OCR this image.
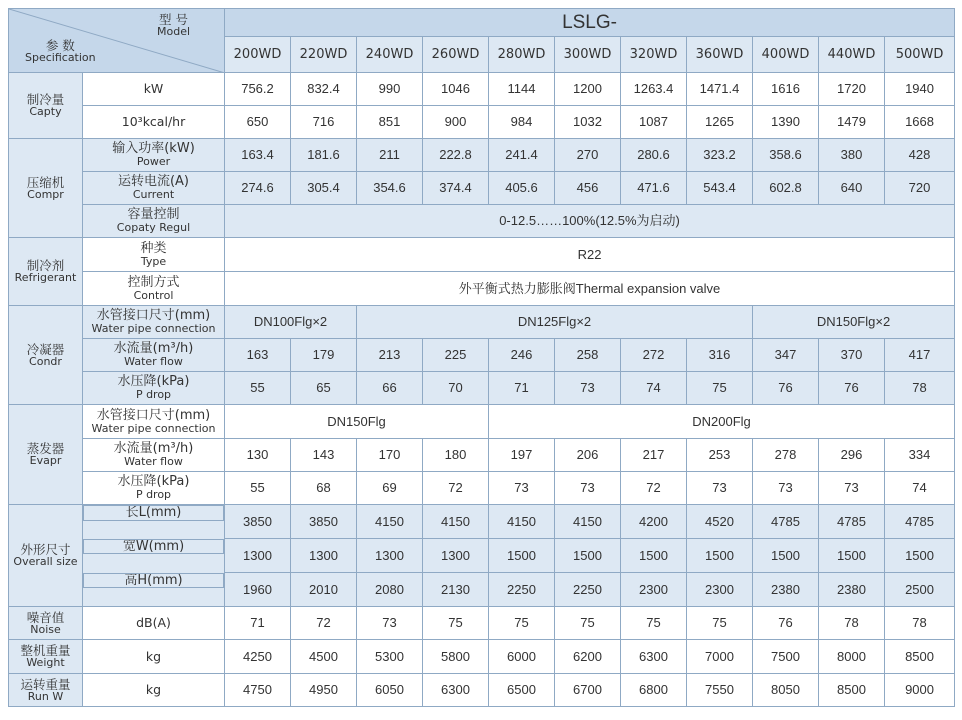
型 号
Model
参 数
Specification		LSLG-										
		200WD	220WD	240WD	260WD	280WD	300WD	320WD	360WD	400WD	440WD	500WD

制冷量
Capty	kW	756.2	832.4	990	1046	1144	1200	1263.4	1471.4	1616	1720	1940
	10³kcal/hr	650	716	851	900	984	1032	1087	1265	1390	1479	1668

压缩机
Compr	输入功率(kW)
Power	163.4	181.6	211	222.8	241.4	270	280.6	323.2	358.6	380	428

	运转电流(A)
Current	274.6	305.4	354.6	374.4	405.6	456	471.6	543.4	602.8	640	720

	容量控制
Copaty Regul	0-12.5……100%(12.5%为启动)										

制冷剂
Refrigerant	种类
Type	R22										

	控制方式
Control	外平衡式热力膨胀阀Thermal expansion valve										

冷凝器
Condr	水管接口尺寸(mm)
Water pipe connection	DN100Flg×2		DN125Flg×2						DN150Flg×2		

	水流量(m³/h)
Water flow	163	179	213	225	246	258	272	316	347	370	417

	水压降(kPa)
P drop	55	65	66	70	71	73	74	75	76	76	78

蒸发器
Evapr	水管接口尺寸(mm)
Water pipe connection	DN150Flg				DN200Flg						

	水流量(m³/h)
Water flow	130	143	170	180	197	206	217	253	278	296	334

	水压降(kPa)
P drop	55	68	69	72	73	73	72	73	73	73	74

外形尺寸
Overall size

长L(mm)
3850	3850	4150	4150	4150	4150	4200	4520	4785	4785	4785

宽W(mm)
1300	1300	1300	1300	1500	1500	1500	1500	1500	1500	1500

高H(mm)
1960	2010	2080	2130	2250	2250	2300	2300	2380	2380	2500

噪音值
Noise	dB(A)	71	72	73	75	75	75	75	75	76	78	78

整机重量
Weight	kg	4250	4500	5300	5800	6000	6200	6300	7000	7500	8000	8500

运转重量
Run W	kg	4750	4950	6050	6300	6500	6700	6800	7550	8050	8500	9000
